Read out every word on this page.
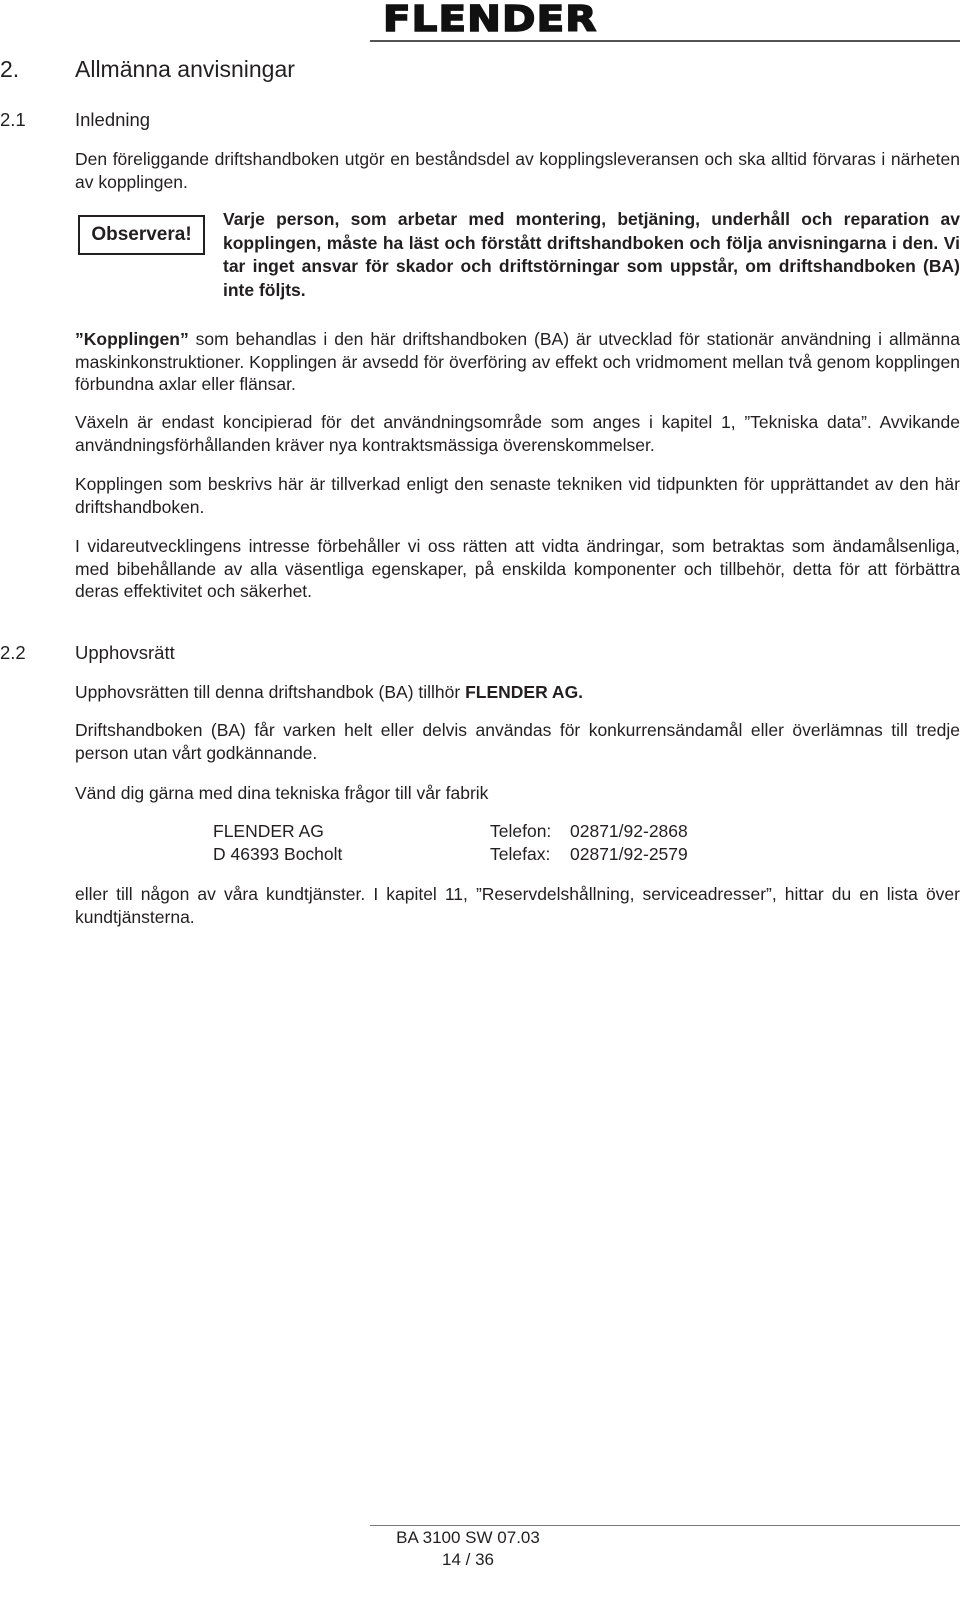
FLENDER
2. Allmänna anvisningar
2.1	Inledning
Den föreliggande driftshandboken utgör en beståndsdel av kopplingsleveransen och ska alltid förvaras i närheten av kopplingen.
Observera!
Varje person, som arbetar med montering, betjäning, underhåll och reparation av kopplingen, måste ha läst och förstått driftshandboken och följa anvisningarna i den. Vi tar inget ansvar för skador och driftstörningar som uppstår, om driftshandboken (BA) inte följts.
”Kopplingen” som behandlas i den här driftshandboken (BA) är utvecklad för stationär användning i allmänna maskinkonstruktioner. Kopplingen är avsedd för överföring av effekt och vridmoment mellan två genom kopplingen förbundna axlar eller flänsar.
Växeln är endast koncipierad för det användningsområde som anges i kapitel 1, ”Tekniska data”. Avvikande användningsförhållanden kräver nya kontraktsmässiga överenskommelser.
Kopplingen som beskrivs här är tillverkad enligt den senaste tekniken vid tidpunkten för upprättandet av den här driftshandboken.
I vidareutvecklingens intresse förbehåller vi oss rätten att vidta ändringar, som betraktas som ändamålsenliga, med bibehållande av alla väsentliga egenskaper, på enskilda komponenter och tillbehör, detta för att förbättra deras effektivitet och säkerhet.
2.2	Upphovsrätt
Upphovsrätten till denna driftshandbok (BA) tillhör FLENDER AG.
Driftshandboken (BA) får varken helt eller delvis användas för konkurrensändamål eller överlämnas till tredje person utan vårt godkännande.
Vänd dig gärna med dina tekniska frågor till vår fabrik
FLENDER AG	Telefon:	02871/92-2868
D 46393 Bocholt	Telefax:	02871/92-2579
eller till någon av våra kundtjänster. I kapitel 11, ”Reservdelshållning, serviceadresser”, hittar du en lista över kundtjänsterna.
BA 3100 SW 07.03
14 / 36
